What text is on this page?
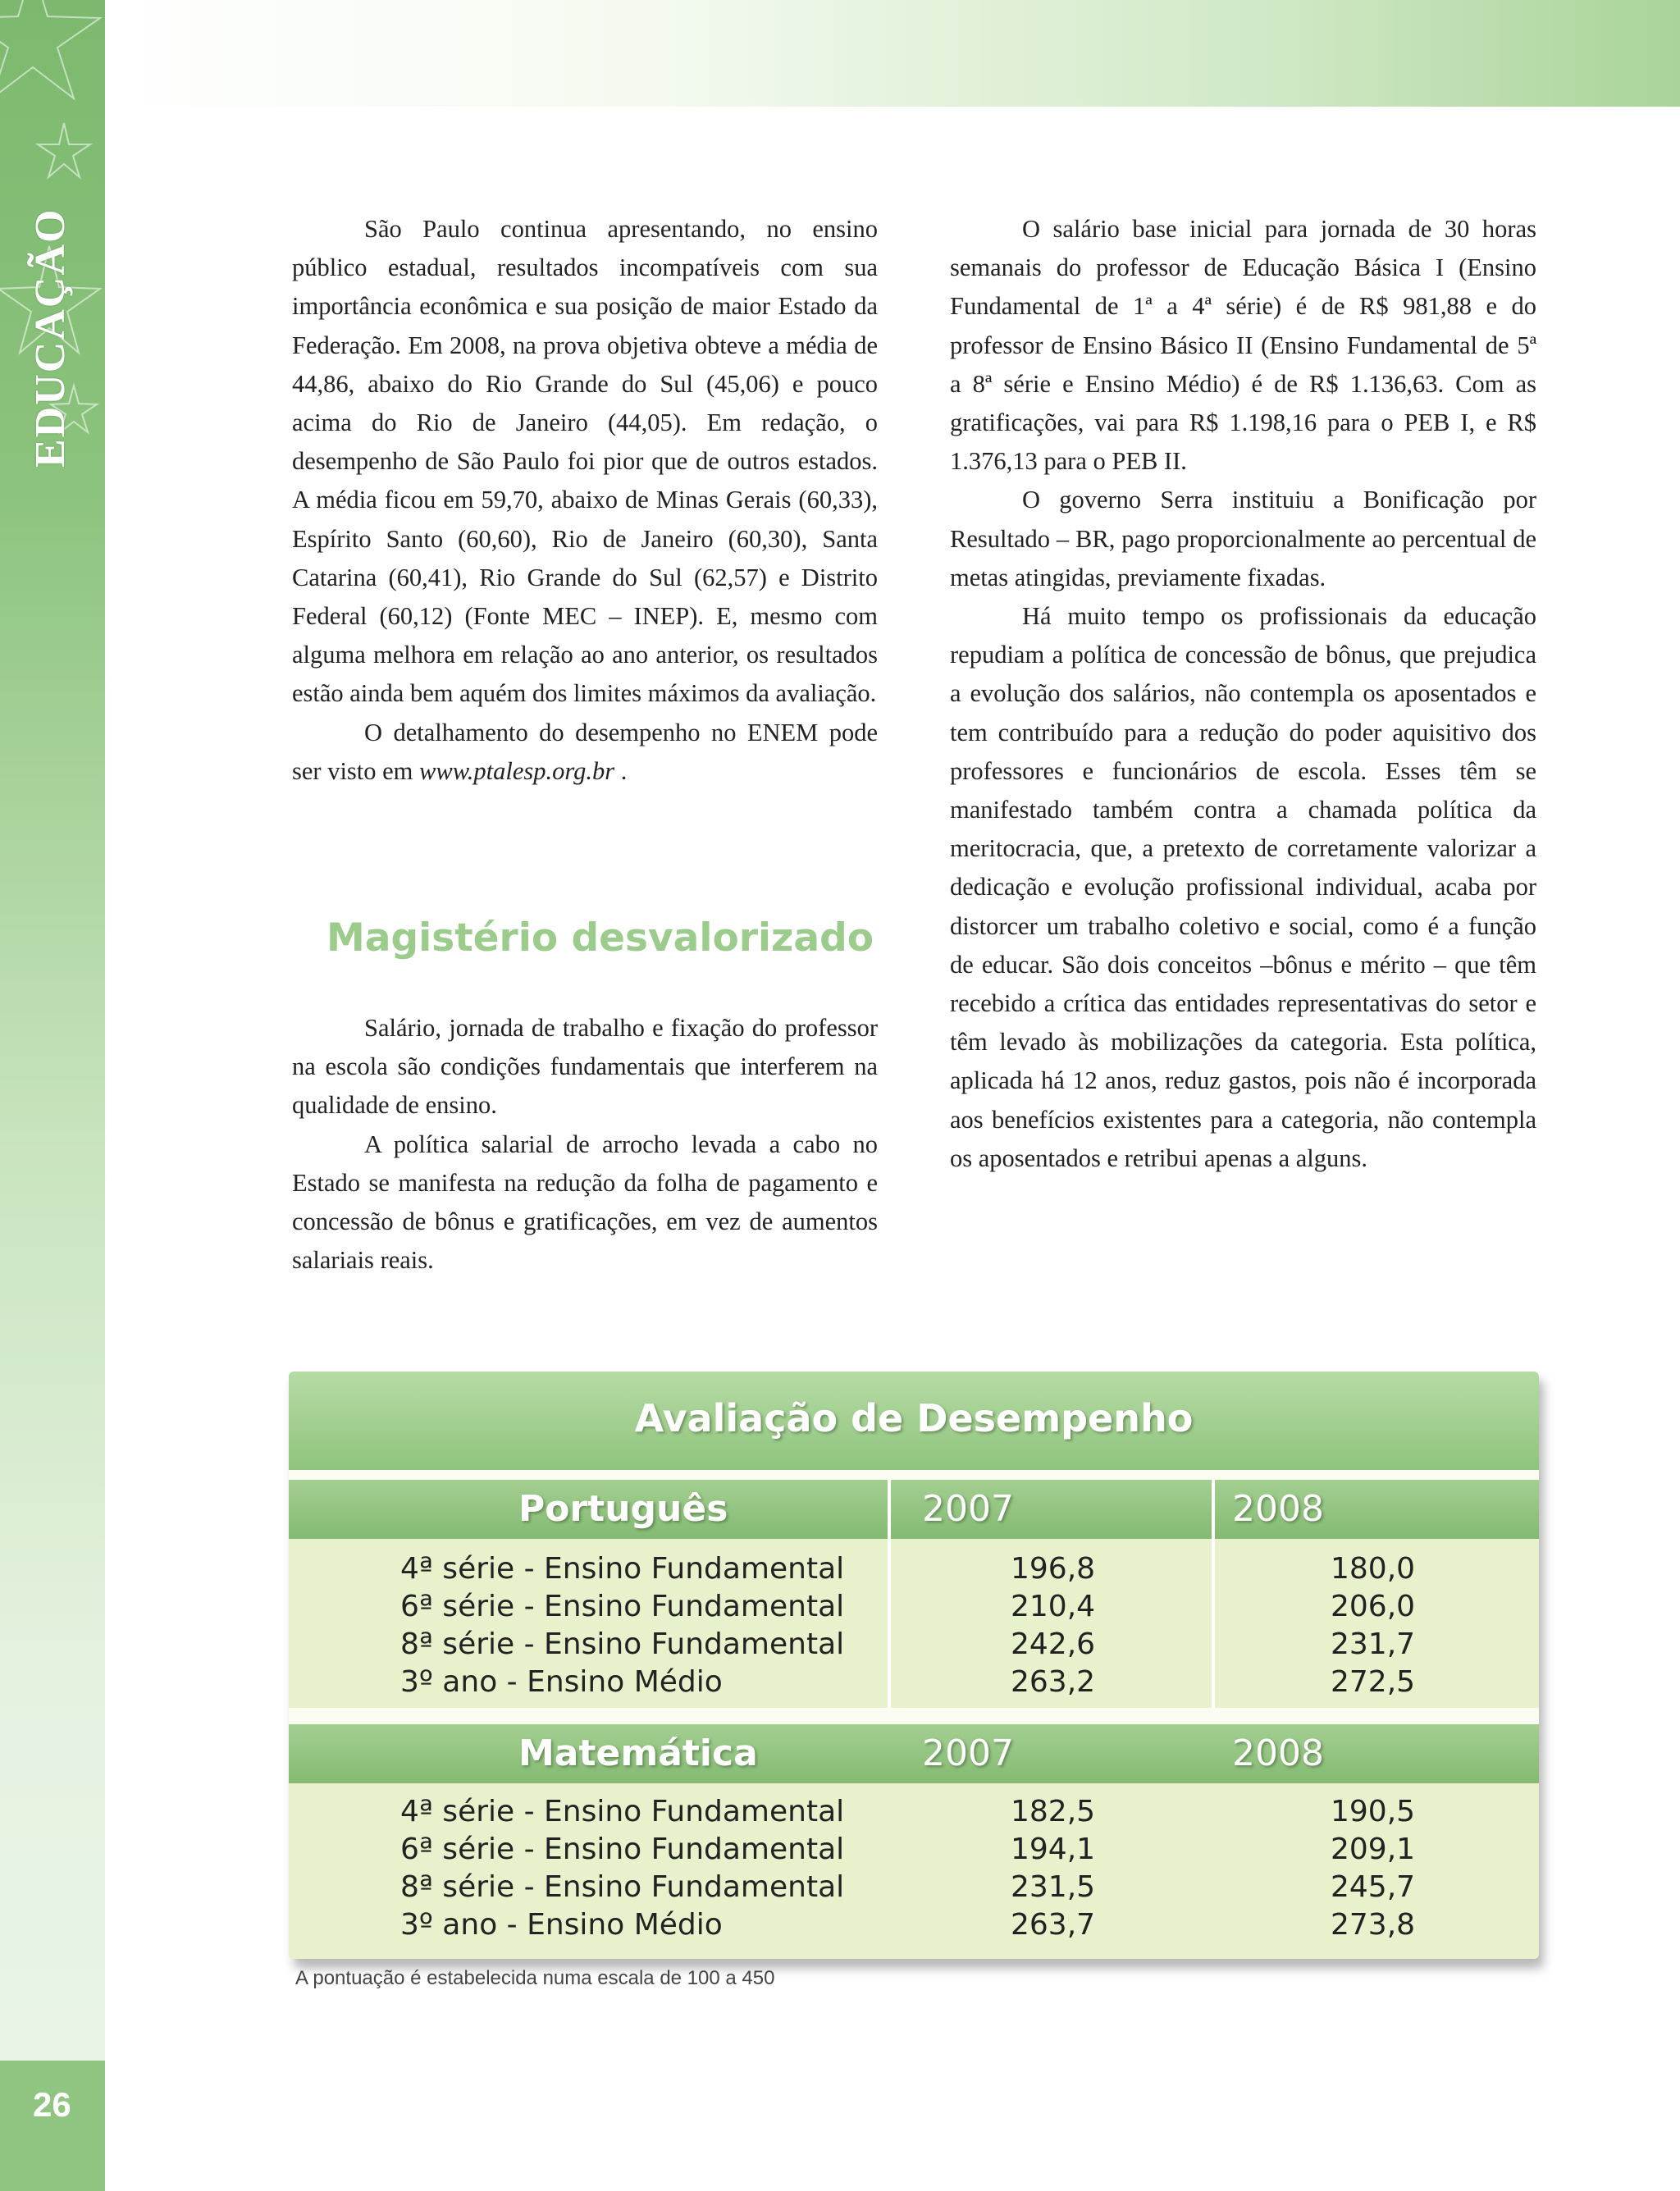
EDUCAÇÃO
26

São Paulo continua apresentando, no ensino público estadual, resultados incompatíveis com sua importância econômica e sua posição de maior Estado da Federação. Em 2008, na prova objetiva obteve a média de 44,86, abaixo do Rio Grande do Sul (45,06) e pouco acima do Rio de Janeiro (44,05). Em redação, o desempenho de São Paulo foi pior que de outros estados. A média ficou em 59,70, abaixo de Minas Gerais (60,33), Espírito Santo (60,60), Rio de Janeiro (60,30), Santa Catarina (60,41), Rio Grande do Sul (62,57) e Distrito Federal (60,12) (Fonte MEC – INEP). E, mesmo com alguma melhora em relação ao ano anterior, os resultados estão ainda bem aquém dos limites máximos da avaliação.

O detalhamento do desempenho no ENEM pode ser visto em www.ptalesp.org.br .

Magistério desvalorizado

Salário, jornada de trabalho e fixação do professor na escola são condições fundamentais que interferem na qualidade de ensino.

A política salarial de arrocho levada a cabo no Estado se manifesta na redução da folha de pagamento e concessão de bônus e gratificações, em vez de aumentos salariais reais.

O salário base inicial para jornada de 30 horas semanais do professor de Educação Básica I (Ensino Fundamental de 1ª a 4ª série) é de R$ 981,88 e do professor de Ensino Básico II (Ensino Fundamental de 5ª a 8ª série e Ensino Médio) é de R$ 1.136,63. Com as gratificações, vai para R$ 1.198,16 para o PEB I, e R$ 1.376,13 para o PEB II.

O governo Serra instituiu a Bonificação por Resultado – BR, pago proporcionalmente ao percentual de metas atingidas, previamente fixadas.

Há muito tempo os profissionais da educação repudiam a política de concessão de bônus, que prejudica a evolução dos salários, não contempla os aposentados e tem contribuído para a redução do poder aquisitivo dos professores e funcionários de escola. Esses têm se manifestado também contra a chamada política da meritocracia, que, a pretexto de corretamente valorizar a dedicação e evolução profissional individual, acaba por distorcer um trabalho coletivo e social, como é a função de educar. São dois conceitos –bônus e mérito – que têm recebido a crítica das entidades representativas do setor e têm levado às mobilizações da categoria. Esta política, aplicada há 12 anos, reduz gastos, pois não é incorporada aos benefícios existentes para a categoria, não contempla os aposentados e retribui apenas a alguns.

Avaliação de Desempenho
Português	2007	2008
4ª série - Ensino Fundamental	196,8	180,0
6ª série - Ensino Fundamental	210,4	206,0
8ª série - Ensino Fundamental	242,6	231,7
3º ano - Ensino Médio	263,2	272,5
Matemática	2007	2008
4ª série - Ensino Fundamental	182,5	190,5
6ª série - Ensino Fundamental	194,1	209,1
8ª série - Ensino Fundamental	231,5	245,7
3º ano - Ensino Médio	263,7	273,8
A pontuação é estabelecida numa escala de 100 a 450
